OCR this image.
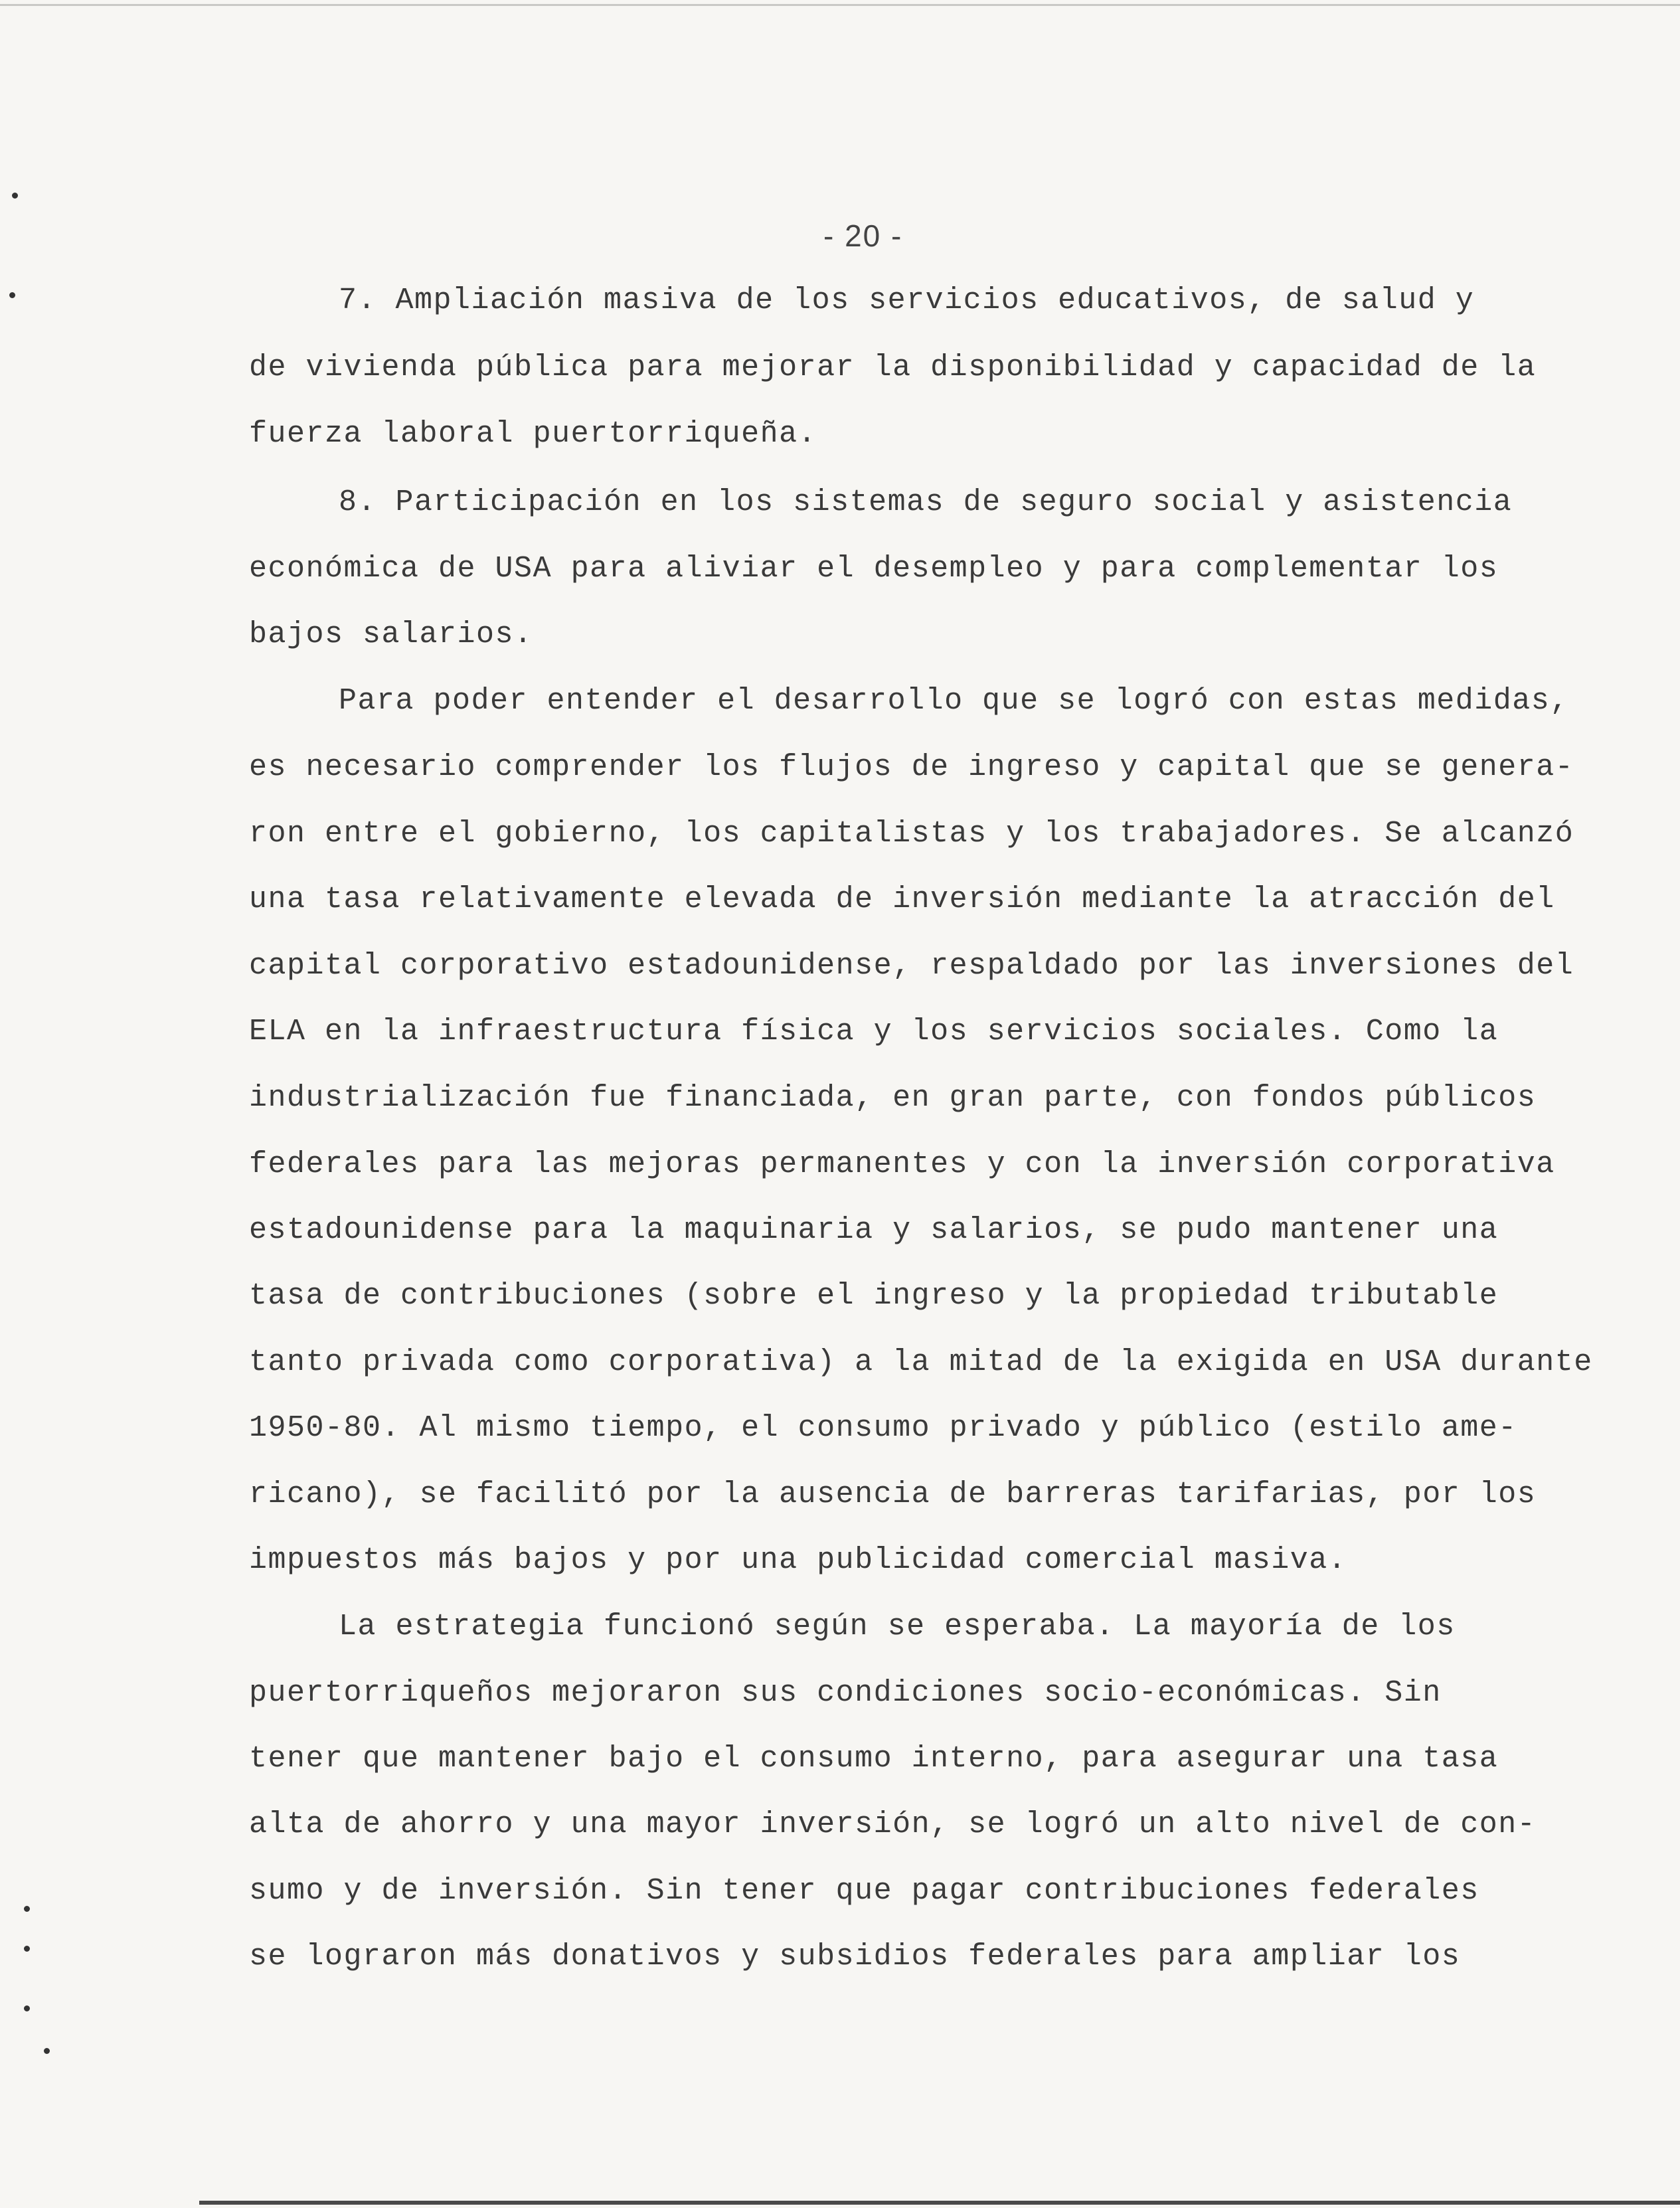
- 20 -
7. Ampliación masiva de los servicios educativos, de salud y
de vivienda pública para mejorar la disponibilidad y capacidad de la
fuerza laboral puertorriqueña.
8. Participación en los sistemas de seguro social y asistencia
económica de USA para aliviar el desempleo y para complementar los
bajos salarios.
Para poder entender el desarrollo que se logró con estas medidas,
es necesario comprender los flujos de ingreso y capital que se genera-
ron entre el gobierno, los capitalistas y los trabajadores. Se alcanzó
una tasa relativamente elevada de inversión mediante la atracción del
capital corporativo estadounidense, respaldado por las inversiones del
ELA en la infraestructura física y los servicios sociales. Como la
industrialización fue financiada, en gran parte, con fondos públicos
federales para las mejoras permanentes y con la inversión corporativa
estadounidense para la maquinaria y salarios, se pudo mantener una
tasa de contribuciones (sobre el ingreso y la propiedad tributable
tanto privada como corporativa) a la mitad de la exigida en USA durante
1950-80. Al mismo tiempo, el consumo privado y público (estilo ame-
ricano), se facilitó por la ausencia de barreras tarifarias, por los
impuestos más bajos y por una publicidad comercial masiva.
La estrategia funcionó según se esperaba. La mayoría de los
puertorriqueños mejoraron sus condiciones socio-económicas. Sin
tener que mantener bajo el consumo interno, para asegurar una tasa
alta de ahorro y una mayor inversión, se logró un alto nivel de con-
sumo y de inversión. Sin tener que pagar contribuciones federales
se lograron más donativos y subsidios federales para ampliar los
